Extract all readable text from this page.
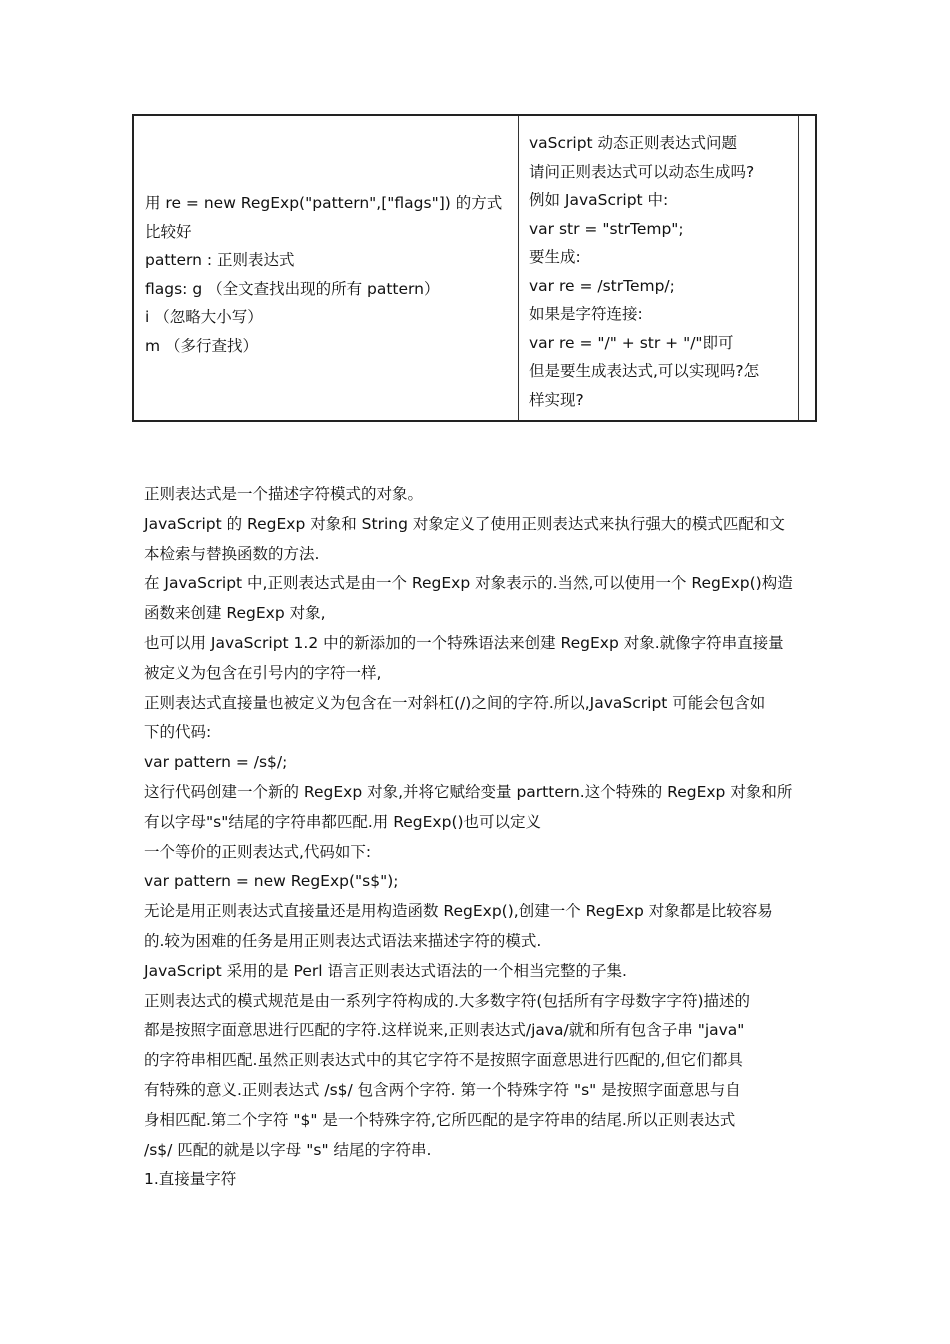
用 re = new RegExp("pattern",["flags"]) 的方式
比较好
pattern : 正则表达式
flags: g （全文查找出现的所有 pattern）
i （忽略大小写）
m （多行查找）
vaScript 动态正则表达式问题
请问正则表达式可以动态生成吗?
例如 JavaScript 中:
var str = "strTemp";
要生成:
var re = /strTemp/;
如果是字符连接:
var re = "/" + str + "/"即可
但是要生成表达式,可以实现吗?怎
样实现?
正则表达式是一个描述字符模式的对象。
JavaScript 的 RegExp 对象和 String 对象定义了使用正则表达式来执行强大的模式匹配和文
本检索与替换函数的方法.
在 JavaScript 中,正则表达式是由一个 RegExp 对象表示的.当然,可以使用一个 RegExp()构造
函数来创建 RegExp 对象,
也可以用 JavaScript 1.2 中的新添加的一个特殊语法来创建 RegExp 对象.就像字符串直接量
被定义为包含在引号内的字符一样,
正则表达式直接量也被定义为包含在一对斜杠(/)之间的字符.所以,JavaScript 可能会包含如
下的代码:
var pattern = /s$/;
这行代码创建一个新的 RegExp 对象,并将它赋给变量 parttern.这个特殊的 RegExp 对象和所
有以字母"s"结尾的字符串都匹配.用 RegExp()也可以定义
一个等价的正则表达式,代码如下:
var pattern = new RegExp("s$");
无论是用正则表达式直接量还是用构造函数 RegExp(),创建一个 RegExp 对象都是比较容易
的.较为困难的任务是用正则表达式语法来描述字符的模式.
JavaScript 采用的是 Perl 语言正则表达式语法的一个相当完整的子集.
正则表达式的模式规范是由一系列字符构成的.大多数字符(包括所有字母数字字符)描述的
都是按照字面意思进行匹配的字符.这样说来,正则表达式/java/就和所有包含子串 "java"
的字符串相匹配.虽然正则表达式中的其它字符不是按照字面意思进行匹配的,但它们都具
有特殊的意义.正则表达式 /s$/ 包含两个字符. 第一个特殊字符 "s" 是按照字面意思与自
身相匹配.第二个字符 "$" 是一个特殊字符,它所匹配的是字符串的结尾.所以正则表达式
/s$/ 匹配的就是以字母 "s" 结尾的字符串.
1.直接量字符
